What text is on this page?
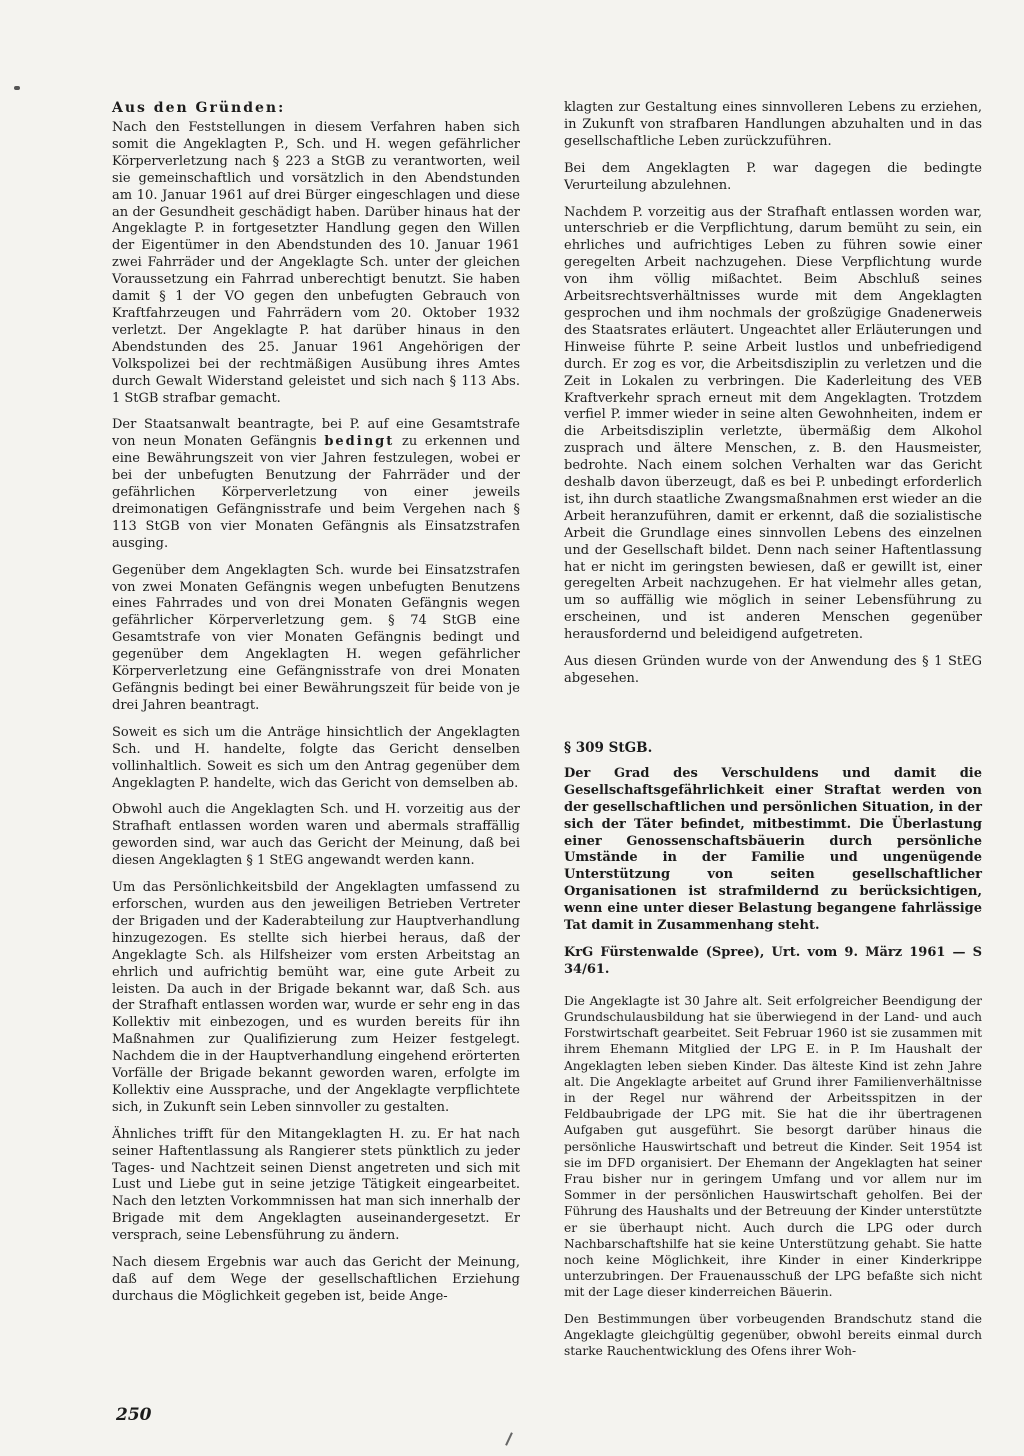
Aus den Gründen:

Nach den Feststellungen in diesem Verfahren haben sich somit die Angeklagten P., Sch. und H. wegen gefährlicher Körperverletzung nach § 223 a StGB zu verantworten, weil sie gemeinschaftlich und vorsätzlich in den Abendstunden am 10. Januar 1961 auf drei Bürger eingeschlagen und diese an der Gesundheit geschädigt haben. Darüber hinaus hat der Angeklagte P. in fortgesetzter Handlung gegen den Willen der Eigentümer in den Abendstunden des 10. Januar 1961 zwei Fahrräder und der Angeklagte Sch. unter der gleichen Voraussetzung ein Fahrrad unberechtigt benutzt. Sie haben damit § 1 der VO gegen den unbefugten Gebrauch von Kraftfahrzeugen und Fahrrädern vom 20. Oktober 1932 verletzt. Der Angeklagte P. hat darüber hinaus in den Abendstunden des 25. Januar 1961 Angehörigen der Volkspolizei bei der rechtmäßigen Ausübung ihres Amtes durch Gewalt Widerstand geleistet und sich nach § 113 Abs. 1 StGB strafbar gemacht.

Der Staatsanwalt beantragte, bei P. auf eine Gesamtstrafe von neun Monaten Gefängnis bedingt zu erkennen und eine Bewährungszeit von vier Jahren festzulegen, wobei er bei der unbefugten Benutzung der Fahrräder und der gefährlichen Körperverletzung von einer jeweils dreimonatigen Gefängnisstrafe und beim Vergehen nach § 113 StGB von vier Monaten Gefängnis als Einsatzstrafen ausging.

Gegenüber dem Angeklagten Sch. wurde bei Einsatzstrafen von zwei Monaten Gefängnis wegen unbefugten Benutzens eines Fahrrades und von drei Monaten Gefängnis wegen gefährlicher Körperverletzung gem. § 74 StGB eine Gesamtstrafe von vier Monaten Gefängnis bedingt und gegenüber dem Angeklagten H. wegen gefährlicher Körperverletzung eine Gefängnisstrafe von drei Monaten Gefängnis bedingt bei einer Bewährungszeit für beide von je drei Jahren beantragt.

Soweit es sich um die Anträge hinsichtlich der Angeklagten Sch. und H. handelte, folgte das Gericht denselben vollinhaltlich. Soweit es sich um den Antrag gegenüber dem Angeklagten P. handelte, wich das Gericht von demselben ab.

Obwohl auch die Angeklagten Sch. und H. vorzeitig aus der Strafhaft entlassen worden waren und abermals straffällig geworden sind, war auch das Gericht der Meinung, daß bei diesen Angeklagten § 1 StEG angewandt werden kann.

Um das Persönlichkeitsbild der Angeklagten umfassend zu erforschen, wurden aus den jeweiligen Betrieben Vertreter der Brigaden und der Kaderabteilung zur Hauptverhandlung hinzugezogen. Es stellte sich hierbei heraus, daß der Angeklagte Sch. als Hilfsheizer vom ersten Arbeitstag an ehrlich und aufrichtig bemüht war, eine gute Arbeit zu leisten. Da auch in der Brigade bekannt war, daß Sch. aus der Strafhaft entlassen worden war, wurde er sehr eng in das Kollektiv mit einbezogen, und es wurden bereits für ihn Maßnahmen zur Qualifizierung zum Heizer festgelegt. Nachdem die in der Hauptverhandlung eingehend erörterten Vorfälle der Brigade bekannt geworden waren, erfolgte im Kollektiv eine Aussprache, und der Angeklagte verpflichtete sich, in Zukunft sein Leben sinnvoller zu gestalten.

Ähnliches trifft für den Mitangeklagten H. zu. Er hat nach seiner Haftentlassung als Rangierer stets pünktlich zu jeder Tages- und Nachtzeit seinen Dienst angetreten und sich mit Lust und Liebe gut in seine jetzige Tätigkeit eingearbeitet. Nach den letzten Vorkommnissen hat man sich innerhalb der Brigade mit dem Angeklagten auseinandergesetzt. Er versprach, seine Lebensführung zu ändern.

Nach diesem Ergebnis war auch das Gericht der Meinung, daß auf dem Wege der gesellschaftlichen Erziehung durchaus die Möglichkeit gegeben ist, beide Ange-

klagten zur Gestaltung eines sinnvolleren Lebens zu erziehen, in Zukunft von strafbaren Handlungen abzuhalten und in das gesellschaftliche Leben zurückzuführen.

Bei dem Angeklagten P. war dagegen die bedingte Verurteilung abzulehnen.

Nachdem P. vorzeitig aus der Strafhaft entlassen worden war, unterschrieb er die Verpflichtung, darum bemüht zu sein, ein ehrliches und aufrichtiges Leben zu führen sowie einer geregelten Arbeit nachzugehen. Diese Verpflichtung wurde von ihm völlig mißachtet. Beim Abschluß seines Arbeitsrechtsverhältnisses wurde mit dem Angeklagten gesprochen und ihm nochmals der großzügige Gnadenerweis des Staatsrates erläutert. Ungeachtet aller Erläuterungen und Hinweise führte P. seine Arbeit lustlos und unbefriedigend durch. Er zog es vor, die Arbeitsdisziplin zu verletzen und die Zeit in Lokalen zu verbringen. Die Kaderleitung des VEB Kraftverkehr sprach erneut mit dem Angeklagten. Trotzdem verfiel P. immer wieder in seine alten Gewohnheiten, indem er die Arbeitsdisziplin verletzte, übermäßig dem Alkohol zusprach und ältere Menschen, z. B. den Hausmeister, bedrohte. Nach einem solchen Verhalten war das Gericht deshalb davon überzeugt, daß es bei P. unbedingt erforderlich ist, ihn durch staatliche Zwangsmaßnahmen erst wieder an die Arbeit heranzuführen, damit er erkennt, daß die sozialistische Arbeit die Grundlage eines sinnvollen Lebens des einzelnen und der Gesellschaft bildet. Denn nach seiner Haftentlassung hat er nicht im geringsten bewiesen, daß er gewillt ist, einer geregelten Arbeit nachzugehen. Er hat vielmehr alles getan, um so auffällig wie möglich in seiner Lebensführung zu erscheinen, und ist anderen Menschen gegenüber herausfordernd und beleidigend aufgetreten.

Aus diesen Gründen wurde von der Anwendung des § 1 StEG abgesehen.

§ 309 StGB.

Der Grad des Verschuldens und damit die Gesellschaftsgefährlichkeit einer Straftat werden von der gesellschaftlichen und persönlichen Situation, in der sich der Täter befindet, mitbestimmt. Die Überlastung einer Genossenschaftsbäuerin durch persönliche Umstände in der Familie und ungenügende Unterstützung von seiten gesellschaftlicher Organisationen ist strafmildernd zu berücksichtigen, wenn eine unter dieser Belastung begangene fahrlässige Tat damit in Zusammenhang steht.

KrG Fürstenwalde (Spree), Urt. vom 9. März 1961 — S 34/61.

Die Angeklagte ist 30 Jahre alt. Seit erfolgreicher Beendigung der Grundschulausbildung hat sie überwiegend in der Land- und auch Forstwirtschaft gearbeitet. Seit Februar 1960 ist sie zusammen mit ihrem Ehemann Mitglied der LPG E. in P. Im Haushalt der Angeklagten leben sieben Kinder. Das älteste Kind ist zehn Jahre alt. Die Angeklagte arbeitet auf Grund ihrer Familienverhältnisse in der Regel nur während der Arbeitsspitzen in der Feldbaubrigade der LPG mit. Sie hat die ihr übertragenen Aufgaben gut ausgeführt. Sie besorgt darüber hinaus die persönliche Hauswirtschaft und betreut die Kinder. Seit 1954 ist sie im DFD organisiert. Der Ehemann der Angeklagten hat seiner Frau bisher nur in geringem Umfang und vor allem nur im Sommer in der persönlichen Hauswirtschaft geholfen. Bei der Führung des Haushalts und der Betreuung der Kinder unterstützte er sie überhaupt nicht. Auch durch die LPG oder durch Nachbarschaftshilfe hat sie keine Unterstützung gehabt. Sie hatte noch keine Möglichkeit, ihre Kinder in einer Kinderkrippe unterzubringen. Der Frauenausschuß der LPG befaßte sich nicht mit der Lage dieser kinderreichen Bäuerin.

Den Bestimmungen über vorbeugenden Brandschutz stand die Angeklagte gleichgültig gegenüber, obwohl bereits einmal durch starke Rauchentwicklung des Ofens ihrer Woh-

250
